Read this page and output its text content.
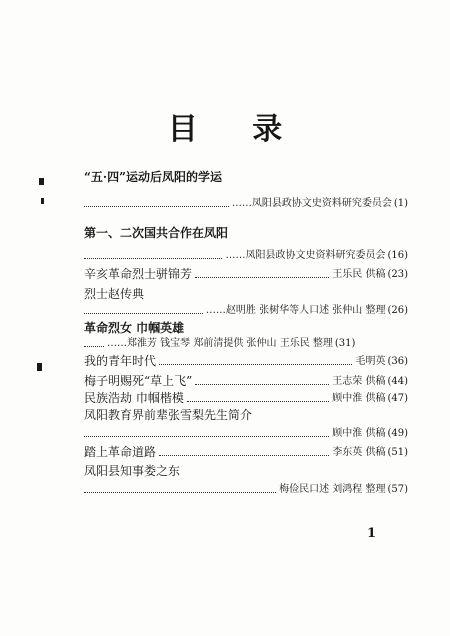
目 录
“五·四”运动后凤阳的学运
……凤阳县政协文史资料研究委员会 (1)
第一、二次国共合作在凤阳
……凤阳县政协文史资料研究委员会 (16)
辛亥革命烈士骈锦芳	王乐民 供稿 (23)
烈士赵传典
……赵明胜 张树华等人口述 张仲山 整理 (26)
革命烈女 巾帼英雄
……郑淮芳 钱宝琴 郑前清提供 张仲山 王乐民 整理 (31)
我的青年时代	毛明英 (36)
梅子明赐死“草上飞”	王志荣 供稿 (44)
民族浩劫 巾帼楷模	顾中淮 供稿 (47)
凤阳教育界前辈张雪梨先生简介
顾中淮 供稿 (49)
踏上革命道路	李东英 供稿 (51)
凤阳县知事娄之东
梅俭民口述 刘鸿程 整理 (57)
1
